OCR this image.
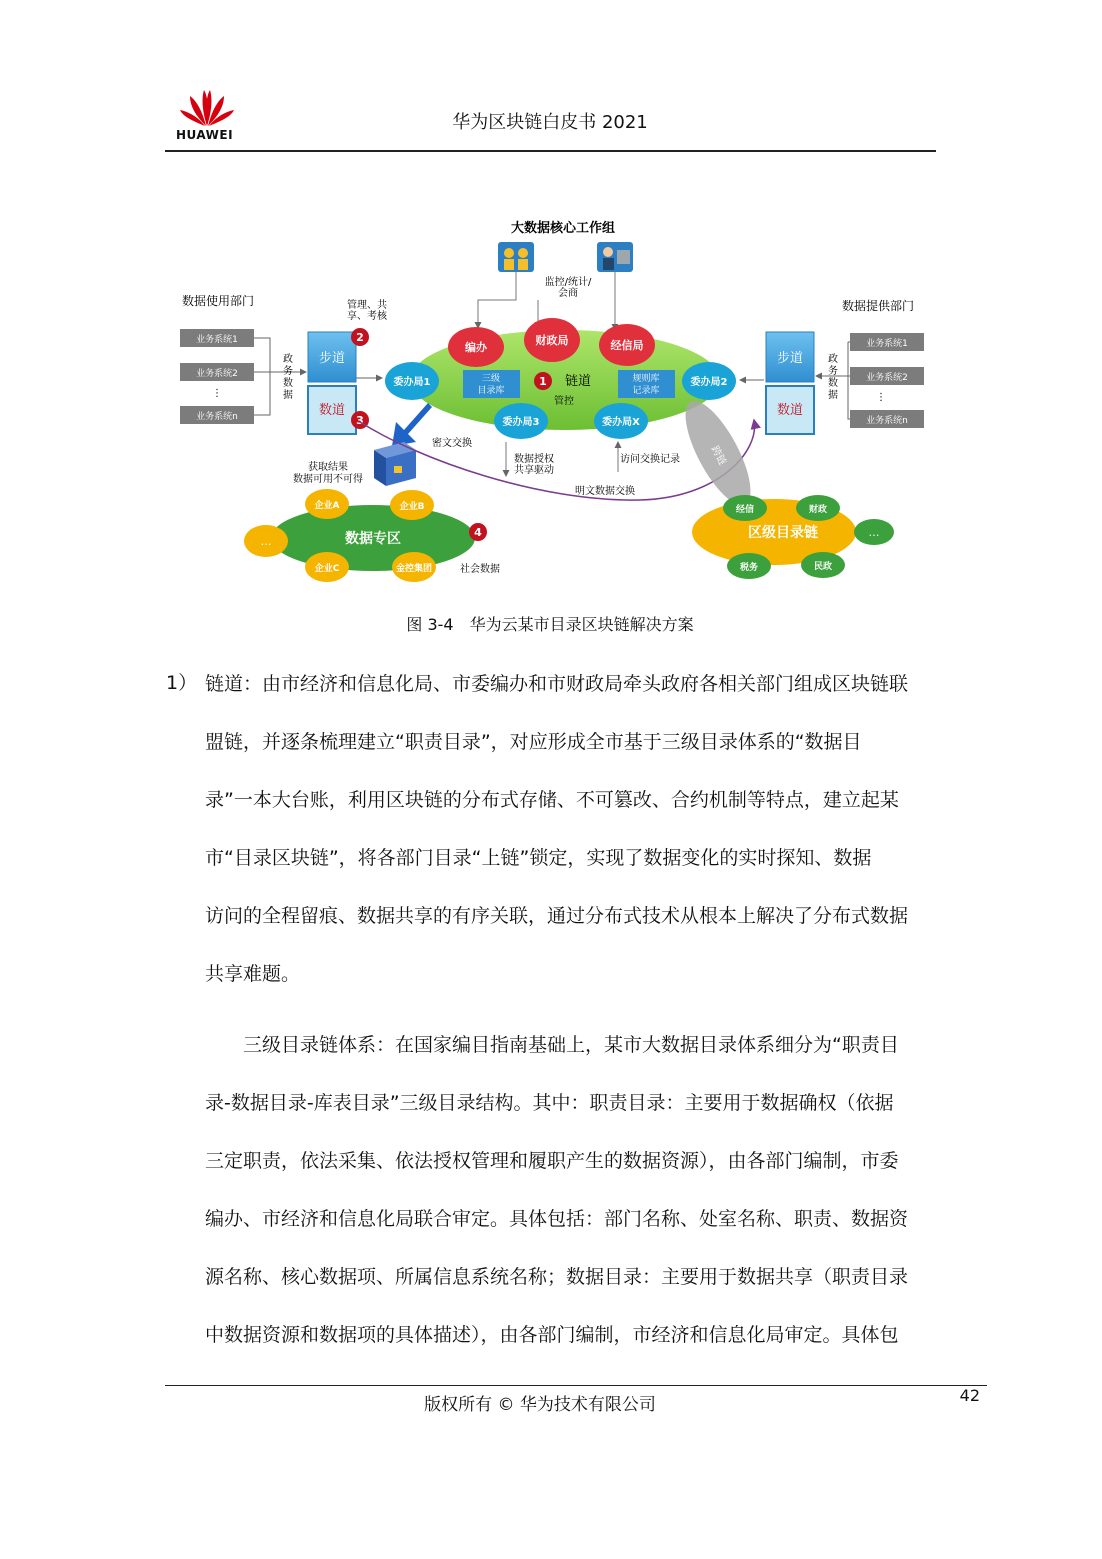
HUAWEI
华为区块链白皮书 2021
大数据核心工作组
监控/统计/
会商
数据使用部门	数据提供部门
管理、共
享、考核
业务系统1
业务系统2
⋮
业务系统n
政
务
数
据
步道
数道
2
3
编办
财政局	经信局
委办局1	委办局2
委办局3	委办局X
三级
目录库
规则库
记录库
1 链道
管控
步道
数道
政
务
数
据
业务系统1
业务系统2
⋮
业务系统n
密文交换
获取结果
数据可用不可得
数据授权
共享驱动
访问交换记录
明文数据交换
跨链
数据专区
企业A	企业B
企业C	金控集团
…
4
社会数据
区级目录链
经信	财政
税务	民政
…
图 3-4　华为云某市目录区块链解决方案
1） 链道：由市经济和信息化局、市委编办和市财政局牵头政府各相关部门组成区块链联
盟链，并逐条梳理建立“职责目录”，对应形成全市基于三级目录体系的“数据目
录”一本大台账，利用区块链的分布式存储、不可篡改、合约机制等特点，建立起某
市“目录区块链”，将各部门目录“上链”锁定，实现了数据变化的实时探知、数据
访问的全程留痕、数据共享的有序关联，通过分布式技术从根本上解决了分布式数据
共享难题。
　　三级目录链体系：在国家编目指南基础上，某市大数据目录体系细分为“职责目
录-数据目录-库表目录”三级目录结构。其中：职责目录：主要用于数据确权（依据
三定职责，依法采集、依法授权管理和履职产生的数据资源），由各部门编制，市委
编办、市经济和信息化局联合审定。具体包括：部门名称、处室名称、职责、数据资
源名称、核心数据项、所属信息系统名称；数据目录：主要用于数据共享（职责目录
中数据资源和数据项的具体描述），由各部门编制，市经济和信息化局审定。具体包
版权所有 © 华为技术有限公司	42
